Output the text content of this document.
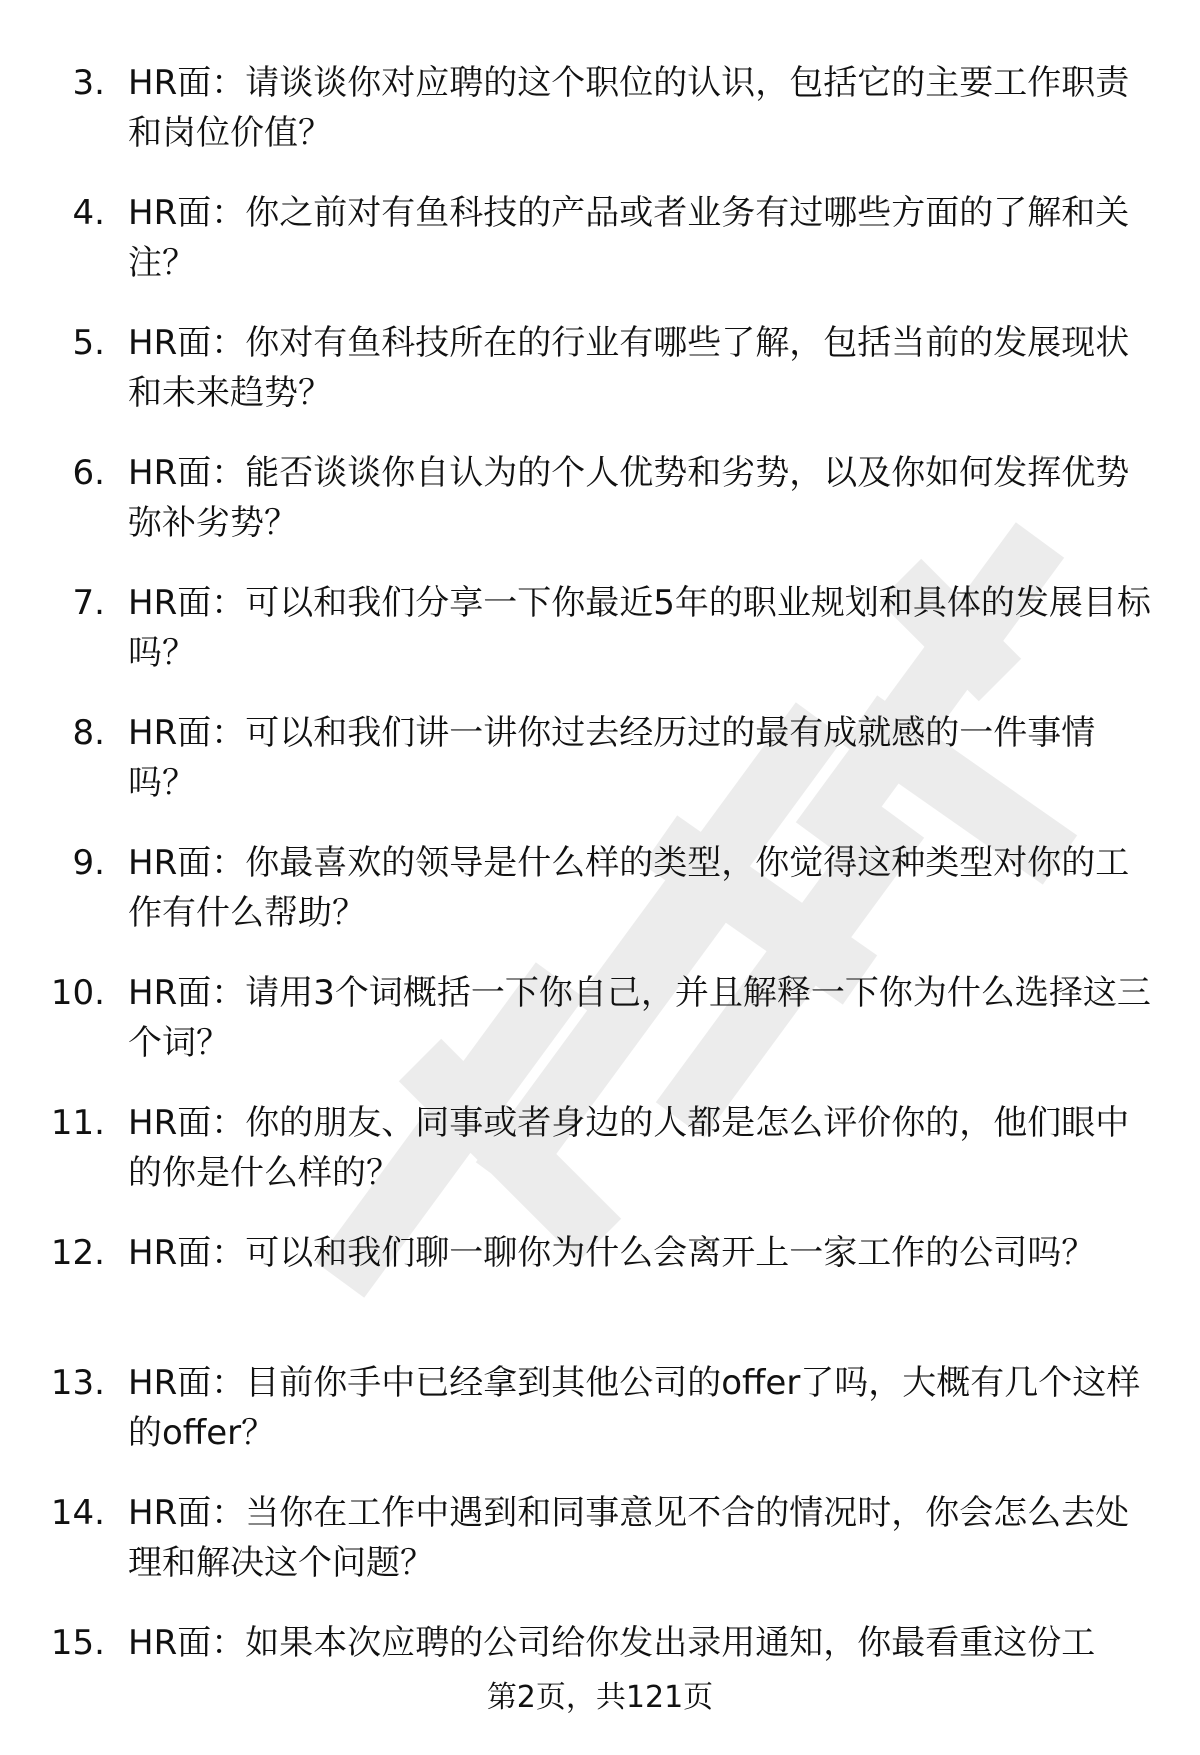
3. HR面：请谈谈你对应聘的这个职位的认识，包括它的主要工作职责和岗位价值？
4. HR面：你之前对有鱼科技的产品或者业务有过哪些方面的了解和关注？
5. HR面：你对有鱼科技所在的行业有哪些了解，包括当前的发展现状和未来趋势？
6. HR面：能否谈谈你自认为的个人优势和劣势，以及你如何发挥优势弥补劣势？
7. HR面：可以和我们分享一下你最近5年的职业规划和具体的发展目标吗？
8. HR面：可以和我们讲一讲你过去经历过的最有成就感的一件事情吗？
9. HR面：你最喜欢的领导是什么样的类型，你觉得这种类型对你的工作有什么帮助？
10. HR面：请用3个词概括一下你自己，并且解释一下你为什么选择这三个词？
11. HR面：你的朋友、同事或者身边的人都是怎么评价你的，他们眼中的你是什么样的？
12. HR面：可以和我们聊一聊你为什么会离开上一家工作的公司吗？
13. HR面：目前你手中已经拿到其他公司的offer了吗，大概有几个这样的offer？
14. HR面：当你在工作中遇到和同事意见不合的情况时，你会怎么去处理和解决这个问题？
15. HR面：如果本次应聘的公司给你发出录用通知，你最看重这份工
第2页，共121页
